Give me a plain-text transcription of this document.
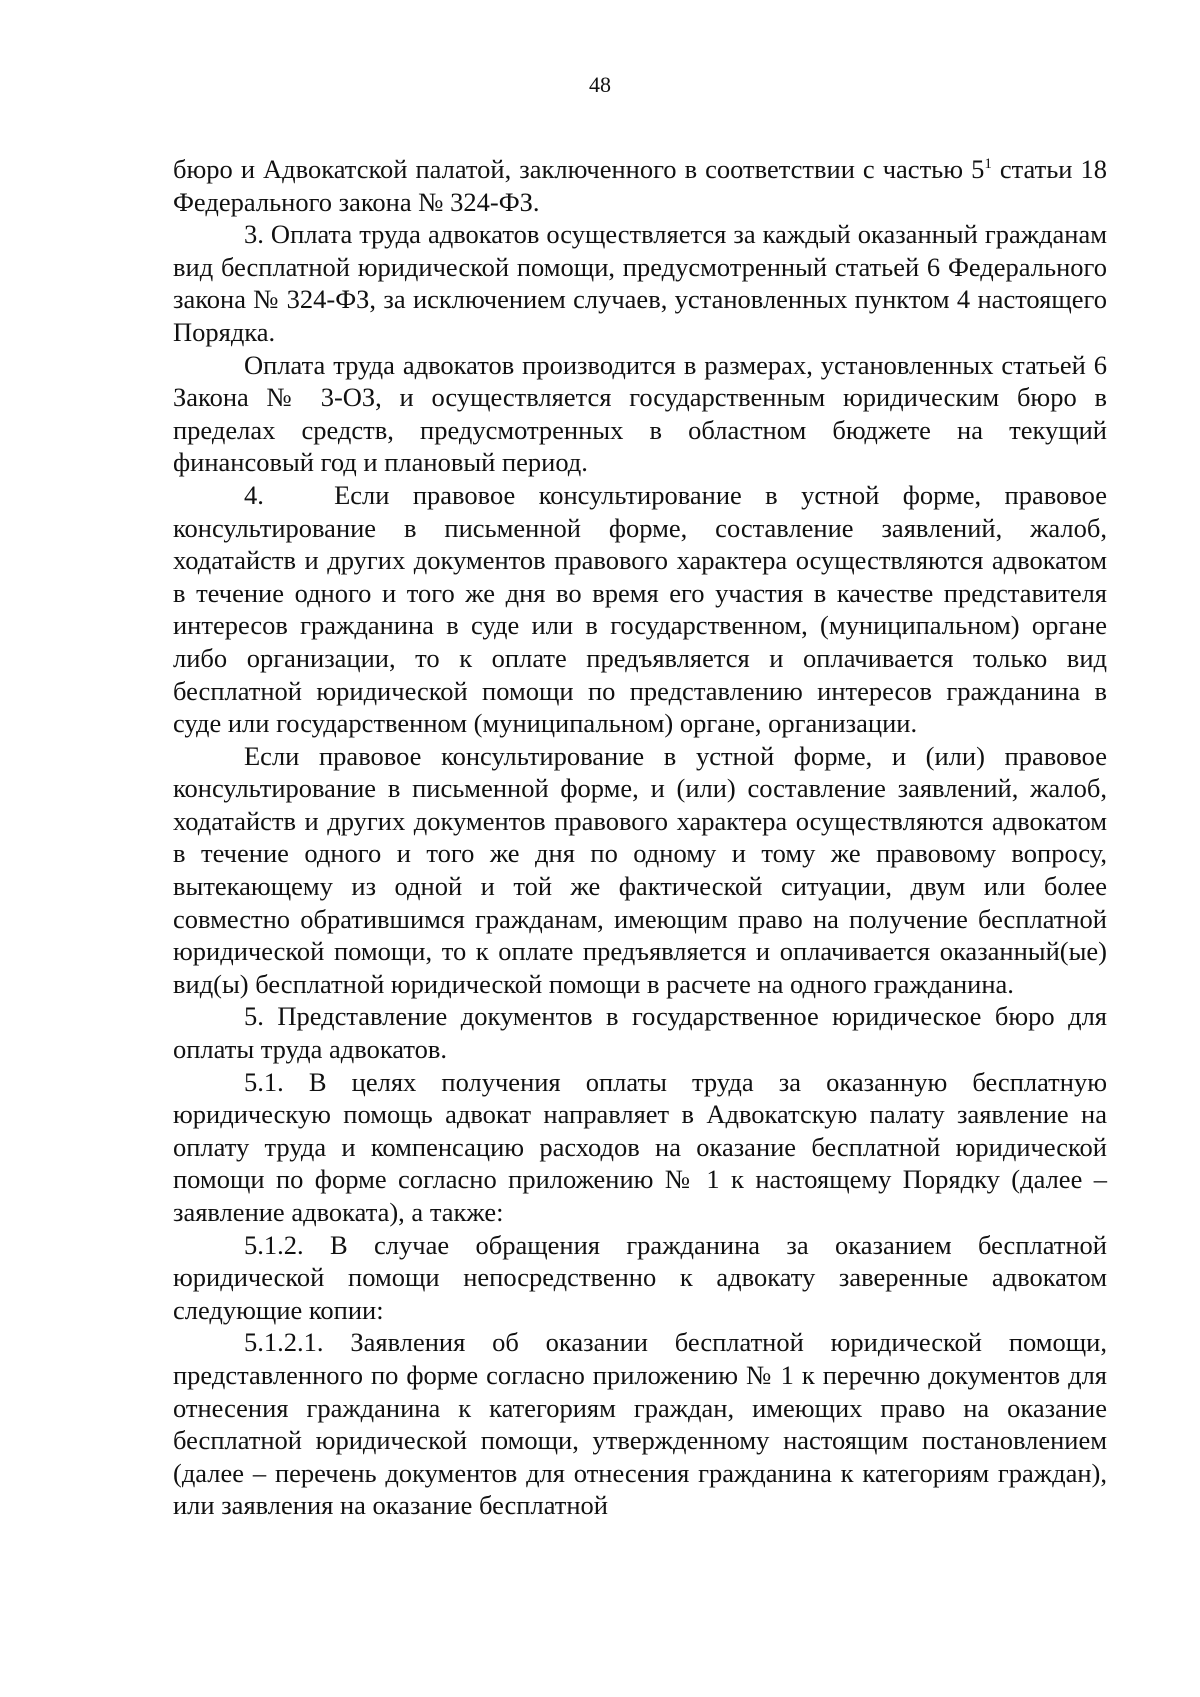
48

бюро и Адвокатской палатой, заключенного в соответствии с частью $5^1$ статьи 18 Федерального закона № 324-ФЗ.

3. Оплата труда адвокатов осуществляется за каждый оказанный гражданам вид бесплатной юридической помощи, предусмотренный статьей 6 Федерального закона № 324-ФЗ, за исключением случаев, установленных пунктом 4 настоящего Порядка.

Оплата труда адвокатов производится в размерах, установленных статьей 6 Закона № 3-ОЗ, и осуществляется государственным юридическим бюро в пределах средств, предусмотренных в областном бюджете на текущий финансовый год и плановый период.

4.   Если правовое консультирование в устной форме, правовое консультирование в письменной форме, составление заявлений, жалоб, ходатайств и других документов правового характера осуществляются адвокатом в течение одного и того же дня во время его участия в качестве представителя интересов гражданина в суде или в государственном, (муниципальном) органе либо организации, то к оплате предъявляется и оплачивается только вид бесплатной юридической помощи по представлению интересов гражданина в суде или государственном (муниципальном) органе, организации.

Если правовое консультирование в устной форме, и (или) правовое консультирование в письменной форме, и (или) составление заявлений, жалоб, ходатайств и других документов правового характера осуществляются адвокатом в течение одного и того же дня по одному и тому же правовому вопросу, вытекающему из одной и той же фактической ситуации, двум или более совместно обратившимся гражданам, имеющим право на получение бесплатной юридической помощи, то к оплате предъявляется и оплачивается оказанный(ые) вид(ы) бесплатной юридической помощи в расчете на одного гражданина.

5. Представление документов в государственное юридическое бюро для оплаты труда адвокатов.

5.1. В целях получения оплаты труда за оказанную бесплатную юридическую помощь адвокат направляет в Адвокатскую палату заявление на оплату труда и компенсацию расходов на оказание бесплатной юридической помощи по форме согласно приложению № 1 к настоящему Порядку (далее – заявление адвоката), а также:

5.1.2. В случае обращения гражданина за оказанием бесплатной юридической помощи непосредственно к адвокату заверенные адвокатом следующие копии:

5.1.2.1. Заявления об оказании бесплатной юридической помощи, представленного по форме согласно приложению № 1 к перечню документов для отнесения гражданина к категориям граждан, имеющих право на оказание бесплатной юридической помощи, утвержденному настоящим постановлением (далее – перечень документов для отнесения гражданина к категориям граждан), или заявления на оказание бесплатной
